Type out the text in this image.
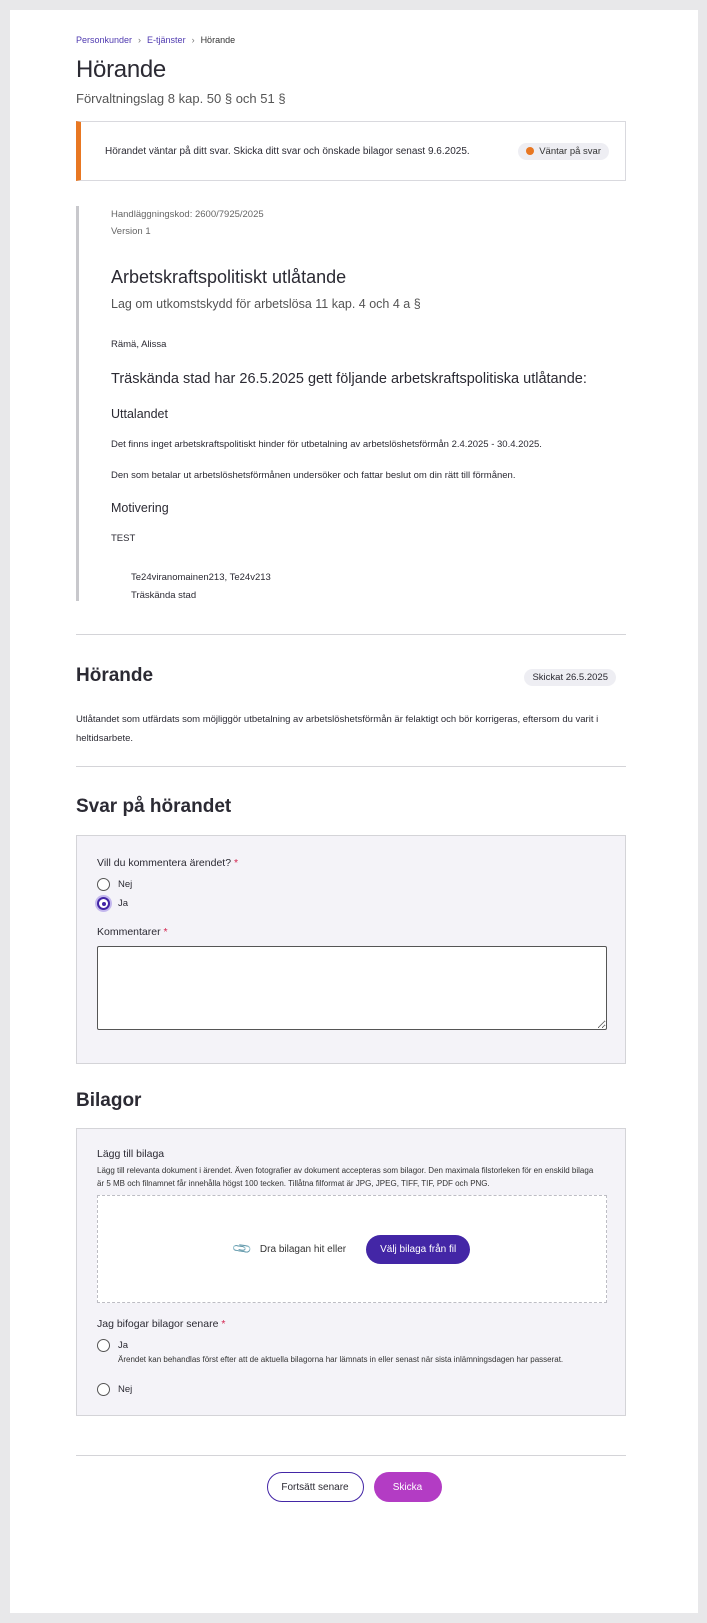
Personkunder › E-tjänster › Hörande
Hörande
Förvaltningslag 8 kap. 50 § och 51 §
Hörandet väntar på ditt svar. Skicka ditt svar och önskade bilagor senast 9.6.2025.	Väntar på svar
Handläggningskod: 2600/7925/2025
Version 1
Arbetskraftspolitiskt utlåtande
Lag om utkomstskydd för arbetslösa 11 kap. 4 och 4 a §
Rämä, Alissa
Träskända stad har 26.5.2025 gett följande arbetskraftspolitiska utlåtande:
Uttalandet
Det finns inget arbetskraftspolitiskt hinder för utbetalning av arbetslöshetsförmån 2.4.2025 - 30.4.2025.
Den som betalar ut arbetslöshetsförmånen undersöker och fattar beslut om din rätt till förmånen.
Motivering
TEST
Te24viranomainen213, Te24v213
Träskända stad
Hörande	Skickat 26.5.2025

Utlåtandet som utfärdats som möjliggör utbetalning av arbetslöshetsförmån är felaktigt och bör korrigeras, eftersom du varit i heltidsarbete.

Svar på hörandet
Vill du kommentera ärendet? *
Nej
Ja
Kommentarer *
Bilagor
Lägg till bilaga
Lägg till relevanta dokument i ärendet. Även fotografier av dokument accepteras som bilagor. Den maximala filstorleken för en enskild bilaga är 5 MB och filnamnet får innehålla högst 100 tecken. Tillåtna filformat är JPG, JPEG, TIFF, TIF, PDF och PNG.
📎 Dra bilagan hit eller	Välj bilaga från fil
Jag bifogar bilagor senare *
Ja
Ärendet kan behandlas först efter att de aktuella bilagorna har lämnats in eller senast när sista inlämningsdagen har passerat.
Nej
Fortsätt senare	Skicka
